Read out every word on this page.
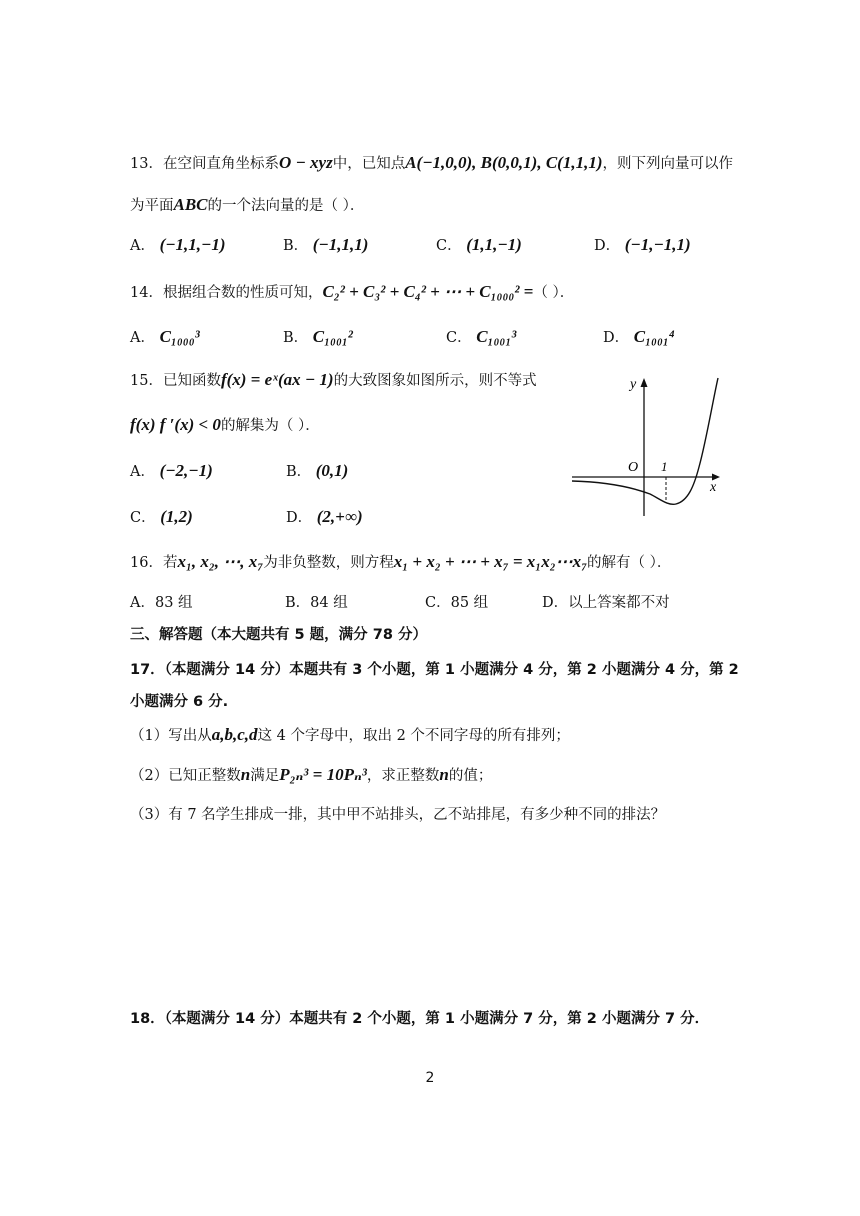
13．在空间直角坐标系O − xyz中，已知点A(−1,0,0), B(0,0,1), C(1,1,1)，则下列向量可以作
为平面ABC的一个法向量的是（ ）．
A． (−1,1,−1)	B． (−1,1,1)	C． (1,1,−1)	D． (−1,−1,1)
14．根据组合数的性质可知，C₂² + C₃² + C₄² + ⋯ + C₁₀₀₀² =（ ）．
A． C₁₀₀₀³	B． C₁₀₀₁²	C． C₁₀₀₁³	D． C₁₀₀₁⁴
15．已知函数f(x) = eˣ(ax − 1)的大致图象如图所示，则不等式
f(x) f ′(x) < 0的解集为（ ）．
A． (−2,−1)	B． (0,1)
C． (1,2)	D． (2,+∞)
y
x
O 1
16．若x₁, x₂, ⋯, x₇为非负整数，则方程x₁ + x₂ + ⋯ + x₇ = x₁x₂⋯x₇的解有（ ）．
A．83 组	B．84 组	C．85 组	D．以上答案都不对
三、解答题（本大题共有 5 题，满分 78 分）
17．（本题满分 14 分）本题共有 3 个小题，第 1 小题满分 4 分，第 2 小题满分 4 分，第 2
小题满分 6 分.
（1）写出从a,b,c,d这 4 个字母中，取出 2 个不同字母的所有排列；
（2）已知正整数n满足P₂ₙ³ = 10Pₙ³，求正整数n的值；
（3）有 7 名学生排成一排，其中甲不站排头，乙不站排尾，有多少种不同的排法？
18．（本题满分 14 分）本题共有 2 个小题，第 1 小题满分 7 分，第 2 小题满分 7 分．
2
